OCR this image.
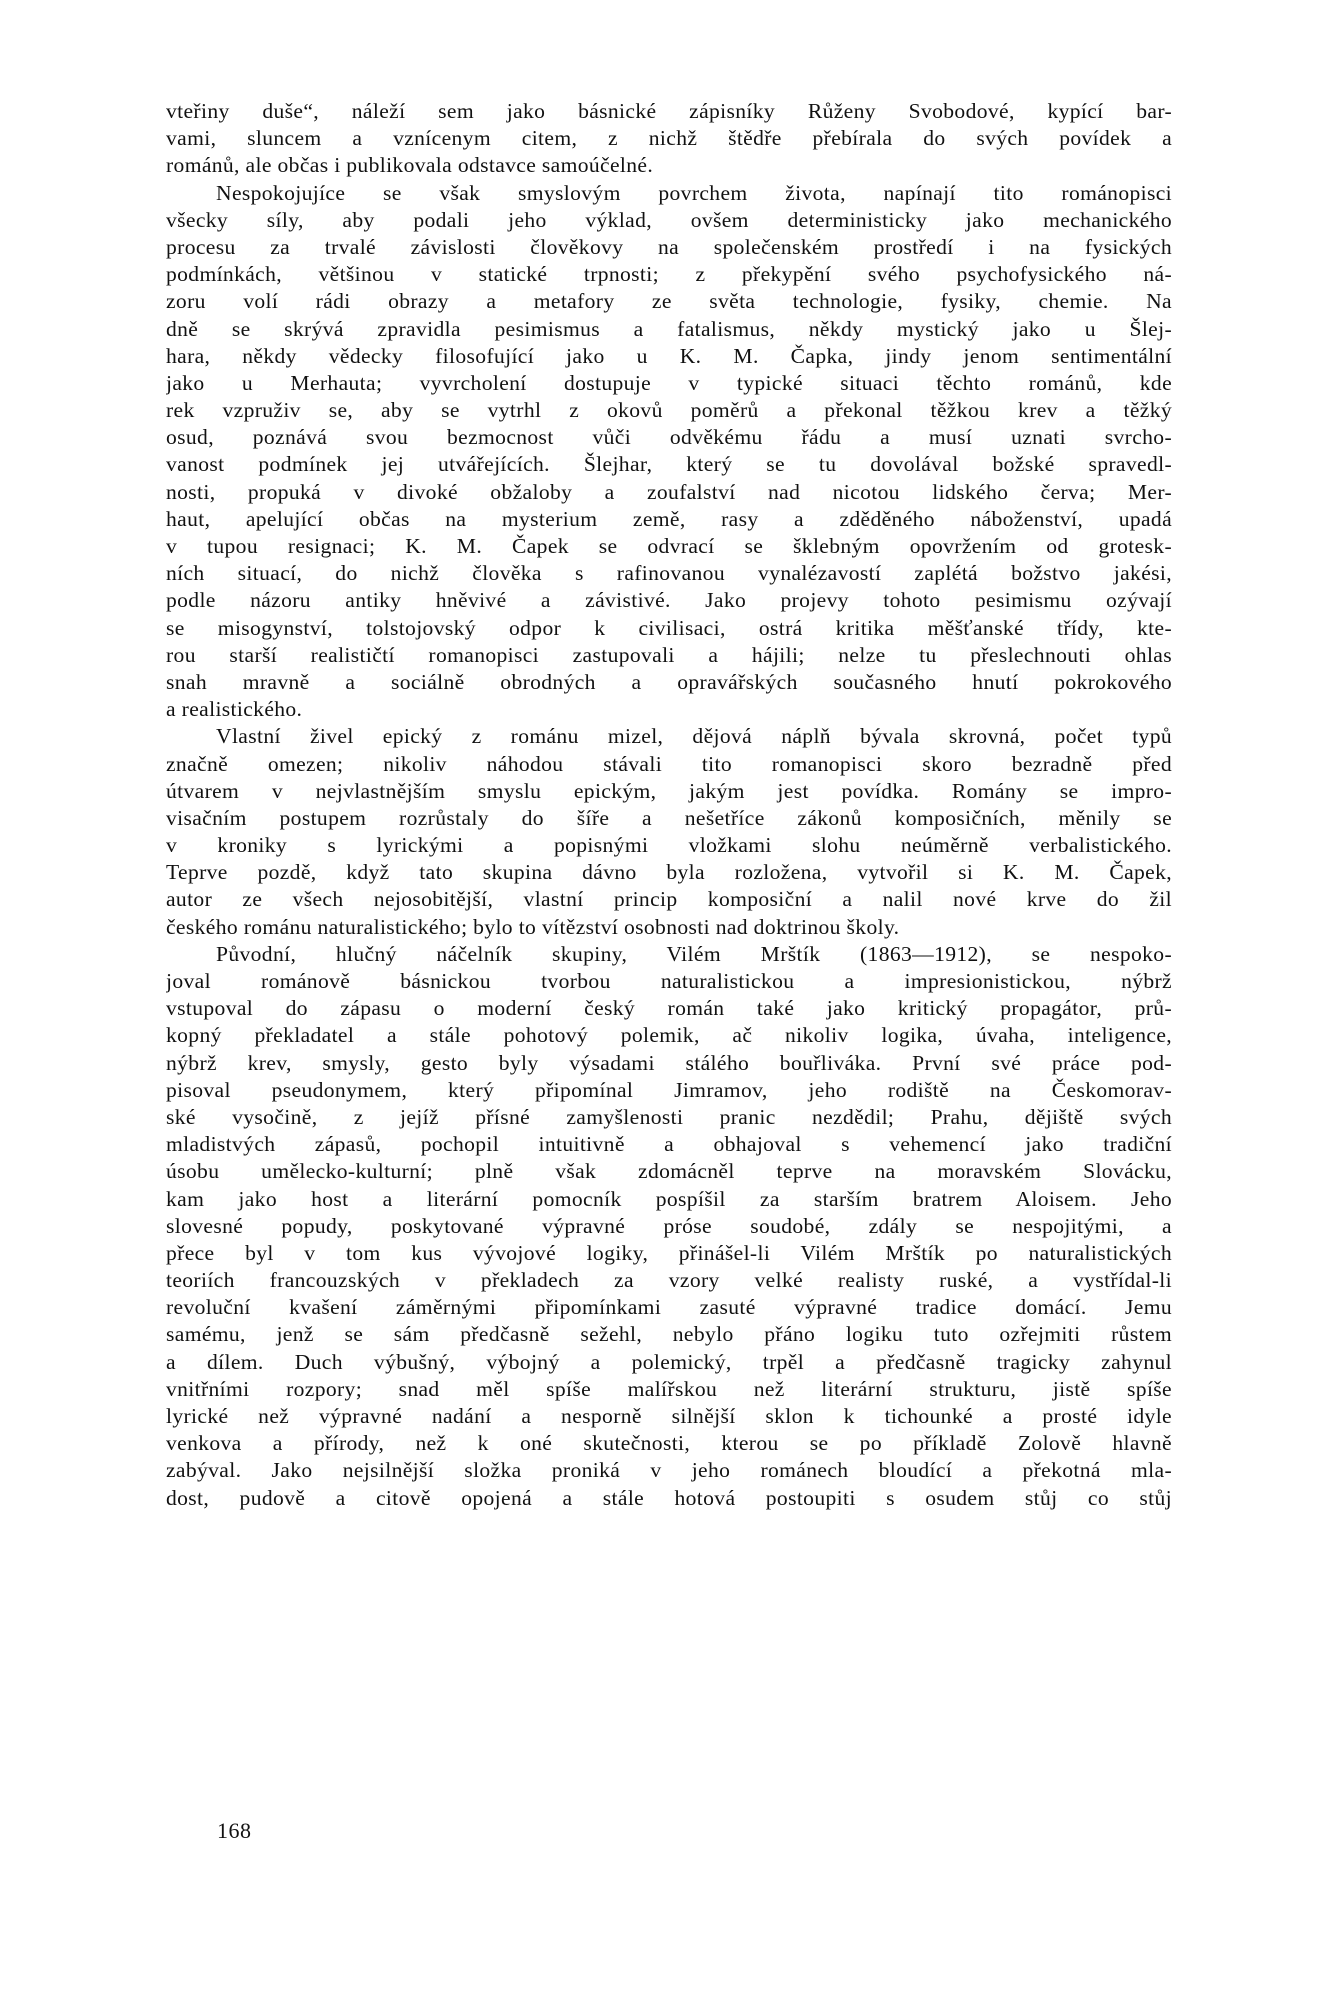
vteřiny duše“, náleží sem jako básnické zápisníky Růženy Svobodové, kypící bar-
vami, sluncem a vznícenym citem, z nichž štědře přebírala do svých povídek a
románů, ale občas i publikovala odstavce samoúčelné.
Nespokojujíce se však smyslovým povrchem života, napínají tito románopisci
všecky síly, aby podali jeho výklad, ovšem deterministicky jako mechanického
procesu za trvalé závislosti člověkovy na společenském prostředí i na fysických
podmínkách, většinou v statické trpnosti; z překypění svého psychofysického ná-
zoru volí rádi obrazy a metafory ze světa technologie, fysiky, chemie. Na
dně se skrývá zpravidla pesimismus a fatalismus, někdy mystický jako u Šlej-
hara, někdy vědecky filosofující jako u K. M. Čapka, jindy jenom sentimentální
jako u Merhauta; vyvrcholení dostupuje v typické situaci těchto románů, kde
rek vzpruživ se, aby se vytrhl z okovů poměrů a překonal těžkou krev a těžký
osud, poznává svou bezmocnost vůči odvěkému řádu a musí uznati svrcho-
vanost podmínek jej utvářejících. Šlejhar, který se tu dovolával božské spravedl-
nosti, propuká v divoké obžaloby a zoufalství nad nicotou lidského červa; Mer-
haut, apelující občas na mysterium země, rasy a zděděného náboženství, upadá
v tupou resignaci; K. M. Čapek se odvrací se šklebným opovržením od grotesk-
ních situací, do nichž člověka s rafinovanou vynalézavostí zaplétá božstvo jakési,
podle názoru antiky hněvivé a závistivé. Jako projevy tohoto pesimismu ozývají
se misogynství, tolstojovský odpor k civilisaci, ostrá kritika měšťanské třídy, kte-
rou starší realističtí romanopisci zastupovali a hájili; nelze tu přeslechnouti ohlas
snah mravně a sociálně obrodných a opravářských současného hnutí pokrokového
a realistického.
Vlastní živel epický z románu mizel, dějová náplň bývala skrovná, počet typů
značně omezen; nikoliv náhodou stávali tito romanopisci skoro bezradně před
útvarem v nejvlastnějším smyslu epickým, jakým jest povídka. Romány se impro-
visačním postupem rozrůstaly do šíře a nešetříce zákonů komposičních, měnily se
v kroniky s lyrickými a popisnými vložkami slohu neúměrně verbalistického.
Teprve pozdě, když tato skupina dávno byla rozložena, vytvořil si K. M. Čapek,
autor ze všech nejosobitější, vlastní princip komposiční a nalil nové krve do žil
českého románu naturalistického; bylo to vítězství osobnosti nad doktrinou školy.
Původní, hlučný náčelník skupiny, Vilém Mrštík (1863—1912), se nespoko-
joval románově básnickou tvorbou naturalistickou a impresionistickou, nýbrž
vstupoval do zápasu o moderní český román také jako kritický propagátor, prů-
kopný překladatel a stále pohotový polemik, ač nikoliv logika, úvaha, inteligence,
nýbrž krev, smysly, gesto byly výsadami stálého bouřliváka. První své práce pod-
pisoval pseudonymem, který připomínal Jimramov, jeho rodiště na Českomorav-
ské vysočině, z jejíž přísné zamyšlenosti pranic nezdědil; Prahu, dějiště svých
mladistvých zápasů, pochopil intuitivně a obhajoval s vehemencí jako tradiční
úsobu umělecko-kulturní; plně však zdomácněl teprve na moravském Slovácku,
kam jako host a literární pomocník pospíšil za starším bratrem Aloisem. Jeho
slovesné popudy, poskytované výpravné próse soudobé, zdály se nespojitými, a
přece byl v tom kus vývojové logiky, přinášel-li Vilém Mrštík po naturalistických
teoriích francouzských v překladech za vzory velké realisty ruské, a vystřídal-li
revoluční kvašení záměrnými připomínkami zasuté výpravné tradice domácí. Jemu
samému, jenž se sám předčasně sežehl, nebylo přáno logiku tuto ozřejmiti růstem
a dílem. Duch výbušný, výbojný a polemický, trpěl a předčasně tragicky zahynul
vnitřními rozpory; snad měl spíše malířskou než literární strukturu, jistě spíše
lyrické než výpravné nadání a nesporně silnější sklon k tichounké a prosté idyle
venkova a přírody, než k oné skutečnosti, kterou se po příkladě Zolově hlavně
zabýval. Jako nejsilnější složka proniká v jeho románech bloudící a překotná mla-
dost, pudově a citově opojená a stále hotová postoupiti s osudem stůj co stůj
168
